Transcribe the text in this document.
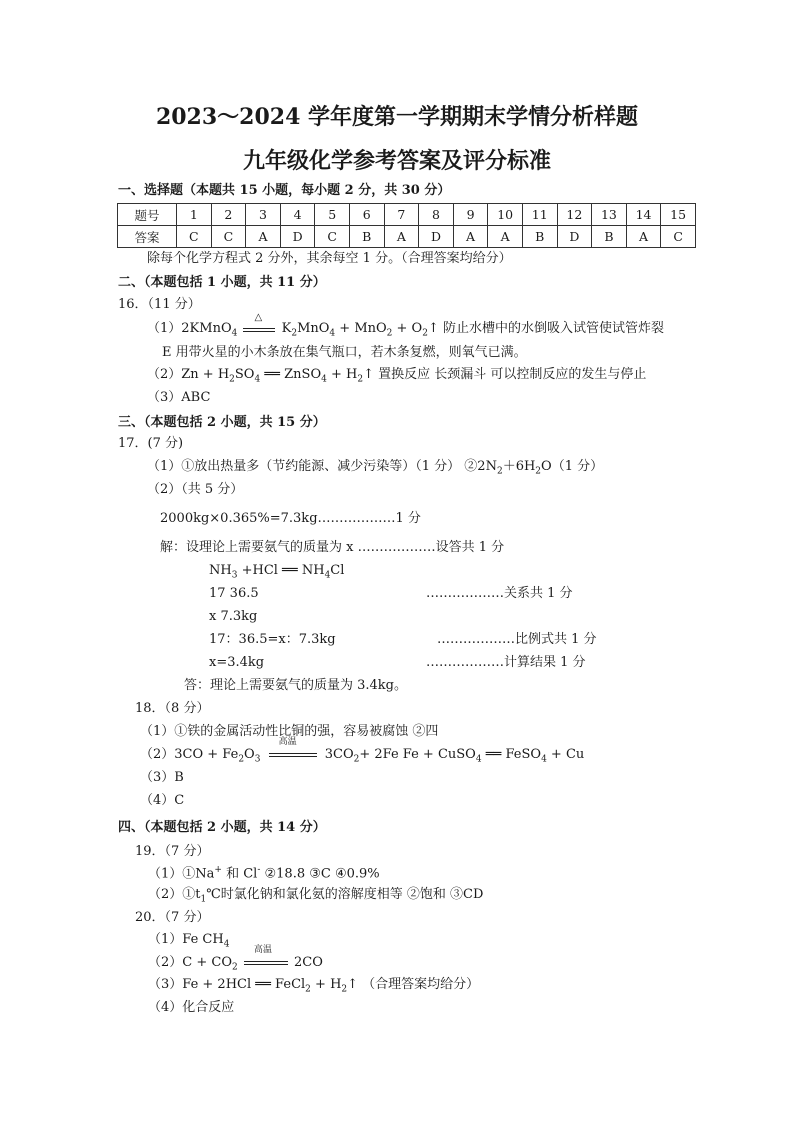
2023～2024 学年度第一学期期末学情分析样题
九年级化学参考答案及评分标准
一、选择题（本题共 15 小题，每小题 2 分，共 30 分）
题号	1	2	3	4	5	6	7	8	9	10	11	12	13	14	15
答案	C	C	A	D	C	B	A	D	A	A	B	D	B	A	C
除每个化学方程式 2 分外，其余每空 1 分。（合理答案均给分）
二、（本题包括 1 小题，共 11 分）
16．（11 分）
（1）2KMnO$_4$
△
$K_2MnO_4 + MnO_2$ + $O_2↑$ 防止水槽中的水倒吸入试管使试管炸裂
E 用带火星的小木条放在集气瓶口，若木条复燃，则氧气已满。
$(2)Zn + H_2SO_4$ ══ ZnSO$_4$ + $H_2↑$ 置换反应 长颈漏斗 可以控制反应的发生与停止
（3）ABC
三、（本题包括 2 小题，共 15 分）
17．(7 分)
（1）①放出热量多（节约能源、减少污染等）（1 分） $②2N_2+6H_2O(1$ 分）
（2）（共 5 分）
2000kg×0.365%=7.3kg………………1 分
解：设理论上需要氨气的质量为 x ………………设答共 1 分
$NH_3 +HCl$ ══ $NH_4Cl$
17 36.5	………………关系共 1 分
x 7.3kg
17：36.5=x：7.3kg	………………比例式共 1 分
x=3.4kg	………………计算结果 1 分
答：理论上需要氨气的质量为 3.4kg。
18．（8 分）
（1）①铁的金属活动性比铜的强，容易被腐蚀 ②四
$(2)3CO + Fe_2O_3$
高温
$3CO_2+ 2Fe$ Fe + CuSO$_4$ ══ FeSO$_4$ + Cu
（3）B
（4）C
四、（本题包括 2 小题，共 14 分）
19．（7 分）
（1）①Na+ 和 Cl- ②18.8 ③C ④0.9%
$(2)①t_1℃$时氯化钠和氯化氨的溶解度相等 ②饱和 ③CD
20．（7 分）
（1）Fe $CH_4$
$(2)C + CO_2$
高温
2CO
（3）Fe + 2HCl ══ FeCl$_2$ + $H_2↑$ （合理答案均给分）
（4）化合反应
